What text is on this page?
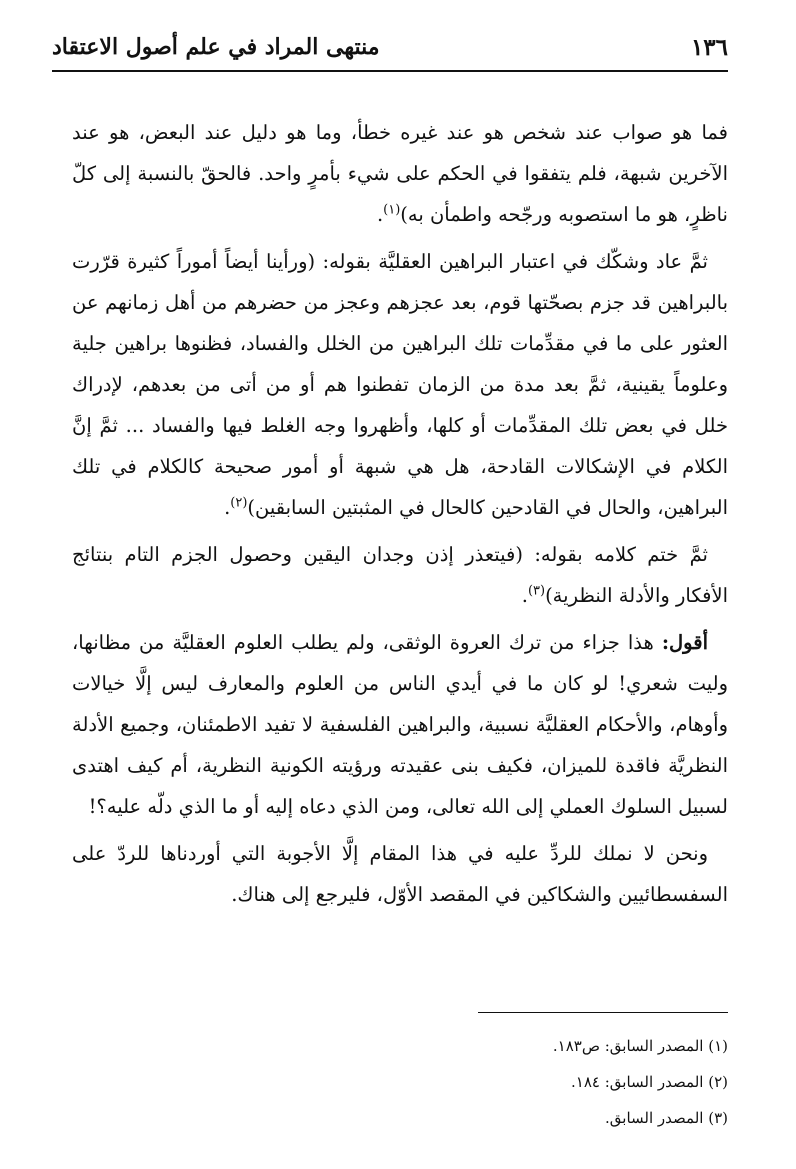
١٣٦
منتهى المراد في علم أصول الاعتقاد

فما هو صواب عند شخص هو عند غيره خطأ، وما هو دليل عند البعض، هو عند الآخرين شبهة، فلم يتفقوا في الحكم على شيء بأمرٍ واحد. فالحقّ بالنسبة إلى كلّ ناظرٍ، هو ما استصوبه ورجّحه واطمأن به)$^{(١)}$.

ثمَّ عاد وشكّك في اعتبار البراهين العقليَّة بقوله: (ورأينا أيضاً أموراً كثيرة قرّرت بالبراهين قد جزم بصحّتها قوم، بعد عجزهم وعجز من حضرهم من أهل زمانهم عن العثور على ما في مقدِّمات تلك البراهين من الخلل والفساد، فظنوها براهين جلية وعلوماً يقينية، ثمَّ بعد مدة من الزمان تفطنوا هم أو من أتى من بعدهم، لإدراك خلل في بعض تلك المقدِّمات أو كلها، وأظهروا وجه الغلط فيها والفساد ... ثمَّ إنَّ الكلام في الإشكالات القادحة، هل هي شبهة أو أمور صحيحة كالكلام في تلك البراهين، والحال في القادحين كالحال في المثبتين السابقين)$^{(٢)}$.

ثمَّ ختم كلامه بقوله: (فيتعذر إذن وجدان اليقين وحصول الجزم التام بنتائج الأفكار والأدلة النظرية)$^{(٣)}$.

أقول: هذا جزاء من ترك العروة الوثقى، ولم يطلب العلوم العقليَّة من مظانها، وليت شعري! لو كان ما في أيدي الناس من العلوم والمعارف ليس إلَّا خيالات وأوهام، والأحكام العقليَّة نسبية، والبراهين الفلسفية لا تفيد الاطمئنان، وجميع الأدلة النظريَّة فاقدة للميزان، فكيف بنى عقيدته ورؤيته الكونية النظرية، أم كيف اهتدى لسبيل السلوك العملي إلى الله تعالى، ومن الذي دعاه إليه أو ما الذي دلّه عليه؟!

ونحن لا نملك للردِّ عليه في هذا المقام إلَّا الأجوبة التي أوردناها للردّ على السفسطائيين والشكاكين في المقصد الأوّل، فليرجع إلى هناك.

(١) المصدر السابق: ص١٨٣.

(٢) المصدر السابق: ١٨٤.

(٣) المصدر السابق.
